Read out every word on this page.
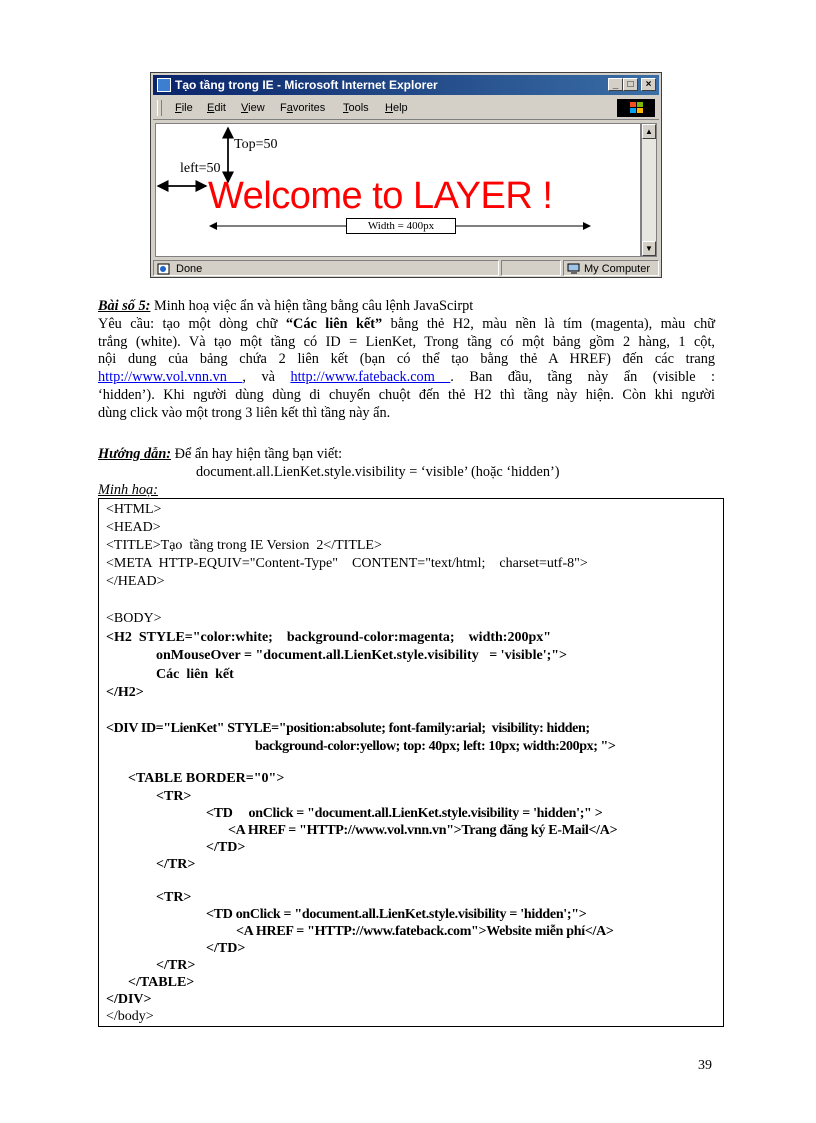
Tạo tầng trong IE - Microsoft Internet Explorer	_ □	×
File Edit View Favorites Tools Help
Top=50
left=50
Welcome to LAYER !
Width = 400px
▲
▼
Done	My Computer

Bài số 5: Minh hoạ việc ẩn và hiện tầng bằng câu lệnh JavaScirpt

Yêu cầu: tạo một dòng chữ “Các liên kết” bằng thẻ H2, màu nền là tím (magenta), màu chữ

trắng (white). Và tạo một tầng có ID = LienKet, Trong tầng có một bảng gồm 2 hàng, 1 cột,

nội dung của bảng chứa 2 liên kết (bạn có thể tạo bằng thẻ A HREF) đến các trang

http://www.vol.vnn.vn , và http://www.fateback.com . Ban đầu, tầng này ẩn (visible :

‘hidden’). Khi người dùng dùng di chuyển chuột đến thẻ H2 thì tầng này hiện. Còn khi người

dùng click vào một trong 3 liên kết thì tầng này ẩn.

Hướng dẫn: Để ẩn hay hiện tầng bạn viết:

document.all.LienKet.style.visibility = ‘visible’ (hoặc ‘hidden’)

Minh hoạ:

<HTML>
<HEAD>
<TITLE>Tạo  tầng trong IE Version  2</TITLE>
<META  HTTP-EQUIV="Content-Type"    CONTENT="text/html;    charset=utf-8">
</HEAD>
<BODY>
<H2  STYLE="color:white;    background-color:magenta;    width:200px"
onMouseOver = "document.all.LienKet.style.visibility   = 'visible';">
Các  liên  kết
</H2>
<DIV ID="LienKet" STYLE="position:absolute; font-family:arial;  visibility: hidden;
background-color:yellow; top: 40px; left: 10px; width:200px; ">
<TABLE BORDER="0">
<TR>
<TD     onClick = "document.all.LienKet.style.visibility = 'hidden';" >
<A HREF = "HTTP://www.vol.vnn.vn">Trang đăng ký E-Mail</A>
</TD>
</TR>
<TR>
<TD onClick = "document.all.LienKet.style.visibility = 'hidden';">
<A HREF = "HTTP://www.fateback.com">Website miễn phí</A>
</TD>
</TR>
</TABLE>
</DIV>
</body>
39
